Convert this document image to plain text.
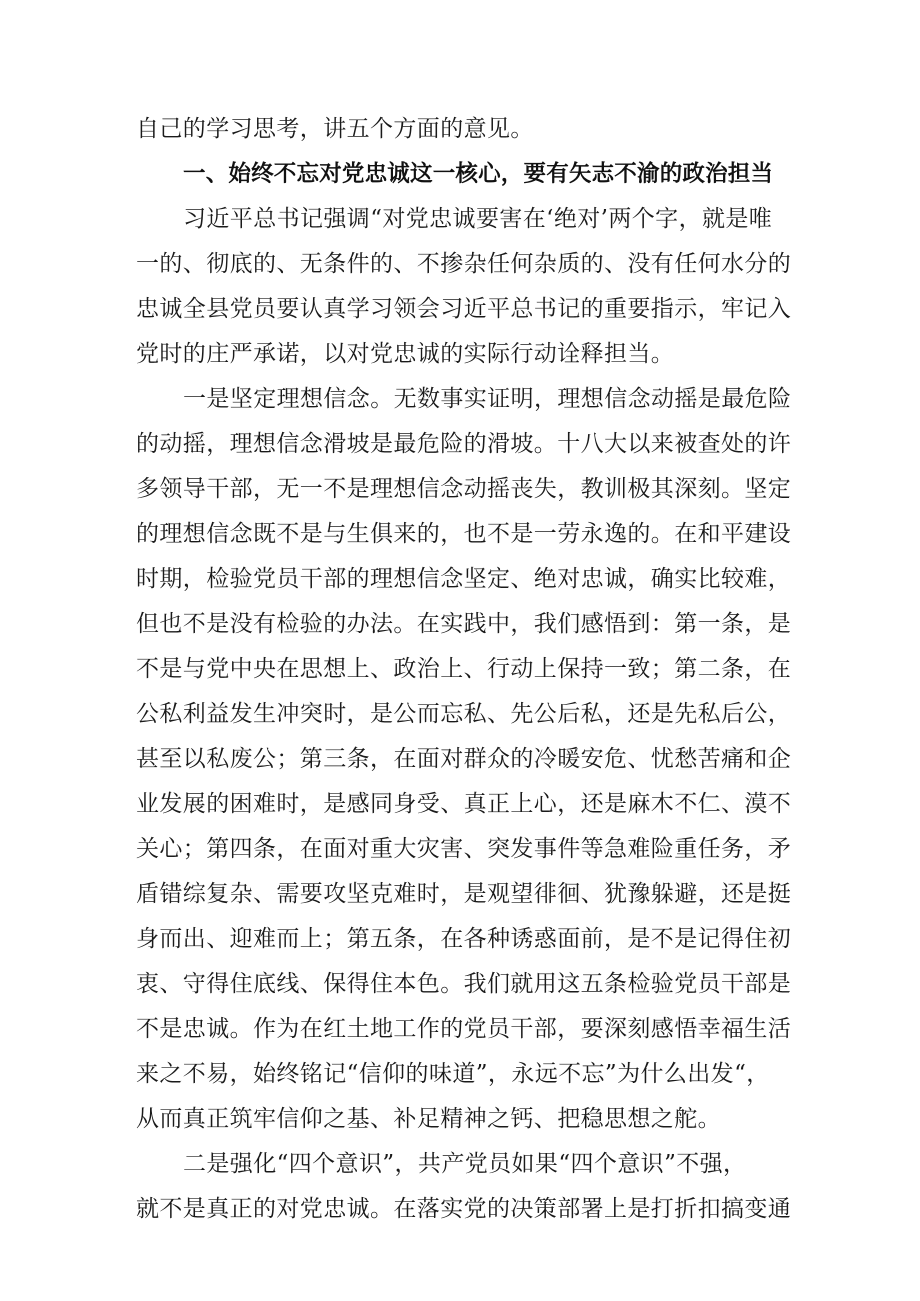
自己的学习思考，讲五个方面的意见。
一、始终不忘对党忠诚这一核心，要有矢志不渝的政治担当
习近平总书记强调“对党忠诚要害在‘绝对’两个字，就是唯
一的、彻底的、无条件的、不掺杂任何杂质的、没有任何水分的
忠诚全县党员要认真学习领会习近平总书记的重要指示，牢记入
党时的庄严承诺，以对党忠诚的实际行动诠释担当。
一是坚定理想信念。无数事实证明，理想信念动摇是最危险
的动摇，理想信念滑坡是最危险的滑坡。十八大以来被查处的许
多领导干部，无一不是理想信念动摇丧失，教训极其深刻。坚定
的理想信念既不是与生俱来的，也不是一劳永逸的。在和平建设
时期，检验党员干部的理想信念坚定、绝对忠诚，确实比较难，
但也不是没有检验的办法。在实践中，我们感悟到：第一条，是
不是与党中央在思想上、政治上、行动上保持一致；第二条，在
公私利益发生冲突时，是公而忘私、先公后私，还是先私后公，
甚至以私废公；第三条，在面对群众的冷暖安危、忧愁苦痛和企
业发展的困难时，是感同身受、真正上心，还是麻木不仁、漠不
关心；第四条，在面对重大灾害、突发事件等急难险重任务，矛
盾错综复杂、需要攻坚克难时，是观望徘徊、犹豫躲避，还是挺
身而出、迎难而上；第五条，在各种诱惑面前，是不是记得住初
衷、守得住底线、保得住本色。我们就用这五条检验党员干部是
不是忠诚。作为在红土地工作的党员干部，要深刻感悟幸福生活
来之不易，始终铭记“信仰的味道”，永远不忘”为什么出发“，
从而真正筑牢信仰之基、补足精神之钙、把稳思想之舵。
二是强化“四个意识”，共产党员如果“四个意识”不强，
就不是真正的对党忠诚。在落实党的决策部署上是打折扣搞变通
